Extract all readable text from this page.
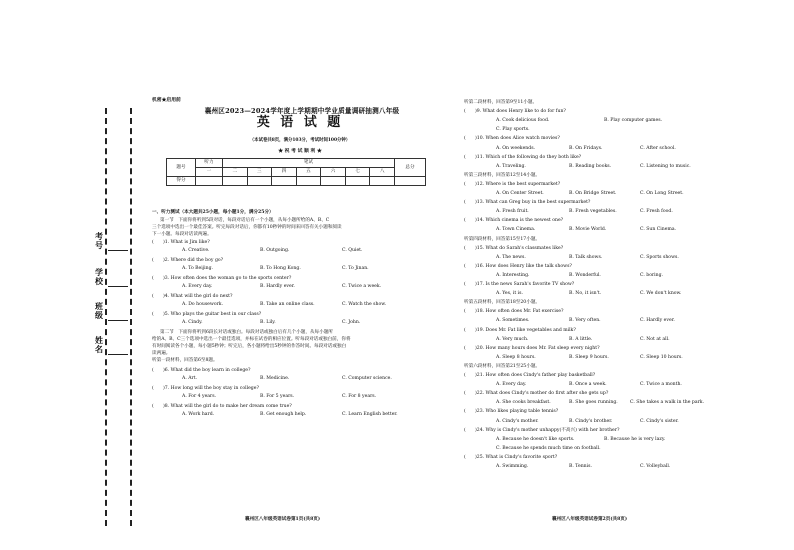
考号
学校
班级
姓名
机密★启用前
襄州区2023—2024学年度上学期期中学业质量调研抽测八年级
英 语 试 题
（本试卷共8页，满分103分，考试时间100分钟）
★ 祝 考 试 顺 利 ★
题号	听力	笔试							总分
	一	二	三	四	五	六	七	八	
得分									
一、听力测试（本大题共25小题，每小题1分，满分25分）
第一节　下面你将听到5段对话，每段对话后有一个小题，从每小题所给的A、B、C
三个选项中选出一个最佳答案。听完每段对话后，你都有10秒钟的时间来回答有关小题和阅读
下一小题。每段对话读两遍。
(　　)1. What is Jim like?
A. Creative.	B. Outgoing.	C. Quiet.
(　　)2. Where did the boy go?
A. To Beijing.	B. To Hong Kong.	C. To Jinan.
(　　)3. How often does the woman go to the sports center?
A. Every day.	B. Hardly ever.	C. Twice a week.
(　　)4. What will the girl do next?
A. Do housework.	B. Take an online class.	C. Watch the show.
(　　)5. Who plays the guitar best in our class?
A. Cindy.	B. Lily.	C. John.
第二节　下面你将听到6段长对话或独白。每段对话或独白后有几个小题，从每小题所
给的A、B、C三个选项中选出一个最佳选项，并标在试卷的相应位置。听每段对话或独白前，你将
有时间阅读各个小题，每小题5秒钟；听完后，各小题将给出5秒钟的作答时间。每段对话或独白
读两遍。
听第一段材料，回答第6至8题。
(　　)6. What did the boy learn in college?
A. Art.	B. Medicine.	C. Computer science.
(　　)7. How long will the boy stay in college?
A. For 4 years.	B. For 5 years.	C. For 8 years.
(　　)8. What will the girl do to make her dream come true?
A. Work hard.	B. Get enough help.	C. Learn English better.
襄州区八年级英语试卷第1页(共8页)
听第二段材料，回答第9至11小题。
(　　)9. What does Henry like to do for fun?
A. Cook delicious food.	B. Play computer games.
C. Play sports.
(　　)10. When does Alice watch movies?
A. On weekends.	B. On Fridays.	C. After school.
(　　)11. Which of the following do they both like?
A. Traveling.	B. Reading books.	C. Listening to music.
听第三段材料，回答第12至14小题。
(　　)12. Where is the best supermarket?
A. On Center Street.	B. On Bridge Street.	C. On Long Street.
(　　)13. What can Greg buy in the best supermarket?
A. Fresh fruit.	B. Fresh vegetables.	C. Fresh food.
(　　)14. Which cinema is the newest one?
A. Town Cinema.	B. Movie World.	C. Sun Cinema.
听第四段材料，回答第15至17小题。
(　　)15. What do Sarah's classmates like?
A. The news.	B. Talk shows.	C. Sports shows.
(　　)16. How does Henry like the talk shows?
A. Interesting.	B. Wonderful.	C. boring.
(　　)17. Is the news Sarah's favorite TV show?
A. Yes, it is.	B. No, it isn't.	C. We don't know.
听第五段材料，回答第18至20小题。
(　　)18. How often does Mr. Fat exercise?
A. Sometimes.	B. Very often.	C. Hardly ever.
(　　)19. Does Mr. Fat like vegetables and milk?
A. Very much.	B. A little.	C. Not at all.
(　　)20. How many hours does Mr. Fat sleep every night?
A. Sleep 8 hours.	B. Sleep 9 hours.	C. Sleep 10 hours.
听第六段材料，回答第21至25小题。
(　　)21. How often does Cindy's father play basketball?
A. Every day.	B. Once a week.	C. Twice a month.
(　　)22. What does Cindy's mother do first after she gets up?
A. She cooks breakfast.	B. She goes running.	C. She takes a walk in the park.
(　　)23. Who likes playing table tennis?
A. Cindy's mother.	B. Cindy's brother.	C. Cindy's sister.
(　　)24. Why is Cindy's mother unhappy(不高兴) with her brother?
A. Because he doesn't like sports.	B. Because he is very lazy.
C. Because he spends much time on football.
(　　)25. What is Cindy's favorite sport?
A. Swimming.	B. Tennis.	C. Volleyball.
襄州区八年级英语试卷第2页(共8页)
